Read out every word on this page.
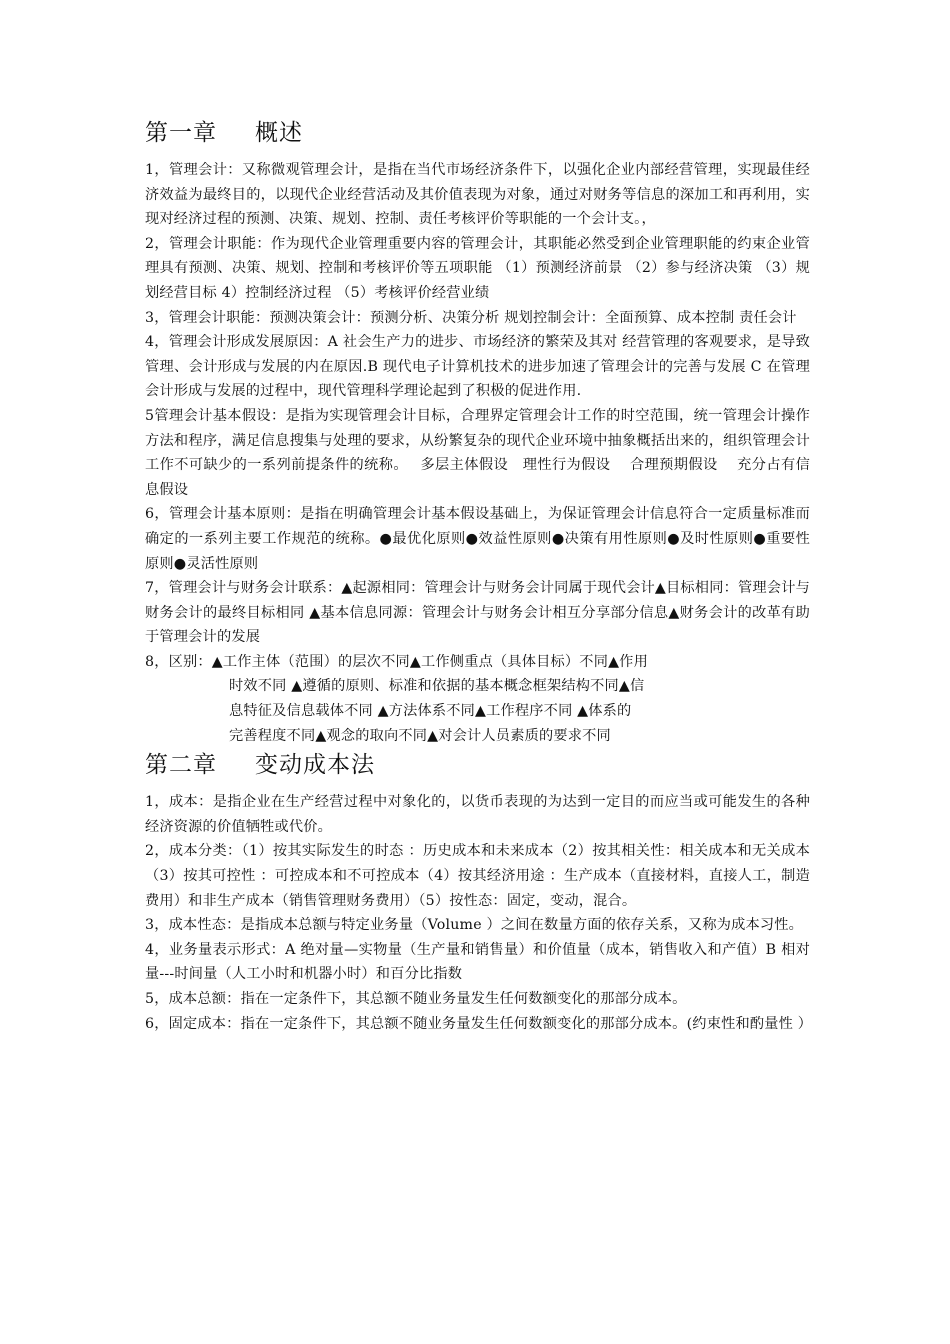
第一章 概述

1，管理会计：又称微观管理会计，是指在当代市场经济条件下，以强化企业内部经营管理，实现最佳经济效益为最终目的，以现代企业经营活动及其价值表现为对象，通过对财务等信息的深加工和再利用，实现对经济过程的预测、决策、规划、控制、责任考核评价等职能的一个会计支。，

2，管理会计职能：作为现代企业管理重要内容的管理会计，其职能必然受到企业管理职能的约束企业管理具有预测、决策、规划、控制和考核评价等五项职能 （1）预测经济前景 （2）参与经济决策 （3）规划经营目标 4）控制经济过程 （5）考核评价经营业绩

3，管理会计职能：预测决策会计：预测分析、决策分析 规划控制会计：全面预算、成本控制 责任会计

4，管理会计形成发展原因：A 社会生产力的进步、市场经济的繁荣及其对 经营管理的客观要求，是导致管理、会计形成与发展的内在原因.B 现代电子计算机技术的进步加速了管理会计的完善与发展 C 在管理会计形成与发展的过程中，现代管理科学理论起到了积极的促进作用.

5管理会计基本假设：是指为实现管理会计目标，合理界定管理会计工作的时空范围，统一管理会计操作方法和程序，满足信息搜集与处理的要求，从纷繁复杂的现代企业环境中抽象概括出来的，组织管理会计工作不可缺少的一系列前提条件的统称。　 多层主体假设　理性行为假设　 合理预期假设　 充分占有信息假设

6，管理会计基本原则：是指在明确管理会计基本假设基础上，为保证管理会计信息符合一定质量标准而确定的一系列主要工作规范的统称。●最优化原则●效益性原则●决策有用性原则●及时性原则●重要性原则●灵活性原则

7，管理会计与财务会计联系：▲起源相同：管理会计与财务会计同属于现代会计▲目标相同：管理会计与财务会计的最终目标相同 ▲基本信息同源：管理会计与财务会计相互分享部分信息▲财务会计的改革有助于管理会计的发展

8，区别：▲工作主体（范围）的层次不同▲工作侧重点（具体目标）不同▲作用

时效不同 ▲遵循的原则、标准和依据的基本概念框架结构不同▲信

息特征及信息载体不同 ▲方法体系不同▲工作程序不同 ▲体系的

完善程度不同▲观念的取向不同▲对会计人员素质的要求不同

第二章 变动成本法

1，成本：是指企业在生产经营过程中对象化的，以货币表现的为达到一定目的而应当或可能发生的各种经济资源的价值牺牲或代价。

2，成本分类：（1）按其实际发生的时态 ：历史成本和未来成本（2）按其相关性：相关成本和无关成本（3）按其可控性 ：可控成本和不可控成本（4）按其经济用途 ：生产成本（直接材料，直接人工，制造费用）和非生产成本（销售管理财务费用）（5）按性态：固定，变动，混合。

3，成本性态：是指成本总额与特定业务量（Volume ）之间在数量方面的依存关系，又称为成本习性。

4，业务量表示形式：A 绝对量—实物量（生产量和销售量）和价值量（成本，销售收入和产值）B 相对量---时间量（人工小时和机器小时）和百分比指数

5，成本总额：指在一定条件下，其总额不随业务量发生任何数额变化的那部分成本。

6，固定成本：指在一定条件下，其总额不随业务量发生任何数额变化的那部分成本。(约束性和酌量性 ）
